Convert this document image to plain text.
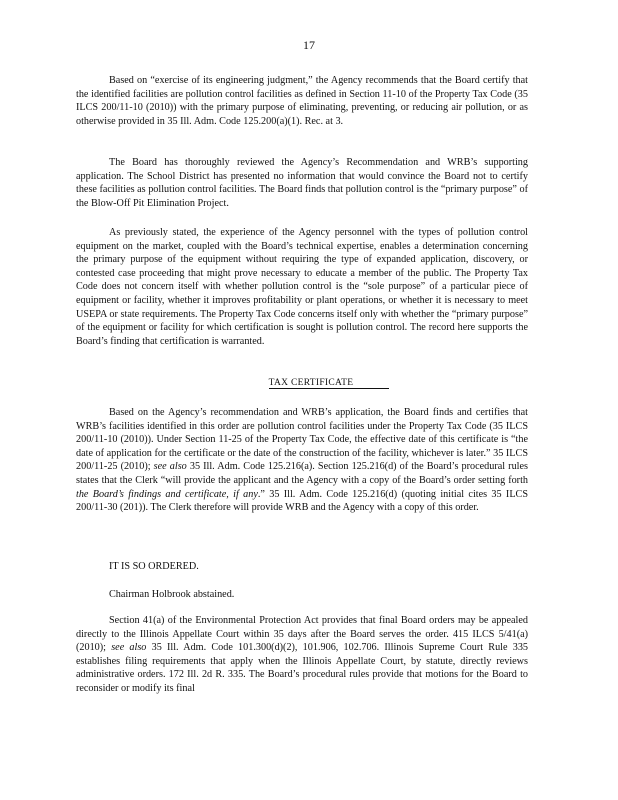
17

Based on “exercise of its engineering judgment,” the Agency recommends that the Board certify that the identified facilities are pollution control facilities as defined in Section 11-10 of the Property Tax Code (35 ILCS 200/11-10 (2010)) with the primary purpose of eliminating, preventing, or reducing air pollution, or as otherwise provided in 35 Ill. Adm. Code 125.200(a)(1). Rec. at 3.

The Board has thoroughly reviewed the Agency’s Recommendation and WRB’s supporting application. The School District has presented no information that would convince the Board not to certify these facilities as pollution control facilities. The Board finds that pollution control is the “primary purpose” of the Blow-Off Pit Elimination Project.

As previously stated, the experience of the Agency personnel with the types of pollution control equipment on the market, coupled with the Board’s technical expertise, enables a determination concerning the primary purpose of the equipment without requiring the type of expanded application, discovery, or contested case proceeding that might prove necessary to educate a member of the public. The Property Tax Code does not concern itself with whether pollution control is the “sole purpose” of a particular piece of equipment or facility, whether it improves profitability or plant operations, or whether it is necessary to meet USEPA or state requirements. The Property Tax Code concerns itself only with whether the “primary purpose” of the equipment or facility for which certification is sought is pollution control. The record here supports the Board’s finding that certification is warranted.

TAX CERTIFICATE

Based on the Agency’s recommendation and WRB’s application, the Board finds and certifies that WRB’s facilities identified in this order are pollution control facilities under the Property Tax Code (35 ILCS 200/11-10 (2010)). Under Section 11-25 of the Property Tax Code, the effective date of this certificate is “the date of application for the certificate or the date of the construction of the facility, whichever is later.” 35 ILCS 200/11-25 (2010); see also 35 Ill. Adm. Code 125.216(a). Section 125.216(d) of the Board’s procedural rules states that the Clerk “will provide the applicant and the Agency with a copy of the Board’s order setting forth the Board’s findings and certificate, if any.” 35 Ill. Adm. Code 125.216(d) (quoting initial cites 35 ILCS 200/11-30 (201)). The Clerk therefore will provide WRB and the Agency with a copy of this order.

IT IS SO ORDERED.

Chairman Holbrook abstained.

Section 41(a) of the Environmental Protection Act provides that final Board orders may be appealed directly to the Illinois Appellate Court within 35 days after the Board serves the order. 415 ILCS 5/41(a) (2010); see also 35 Ill. Adm. Code 101.300(d)(2), 101.906, 102.706. Illinois Supreme Court Rule 335 establishes filing requirements that apply when the Illinois Appellate Court, by statute, directly reviews administrative orders. 172 Ill. 2d R. 335. The Board’s procedural rules provide that motions for the Board to reconsider or modify its final
